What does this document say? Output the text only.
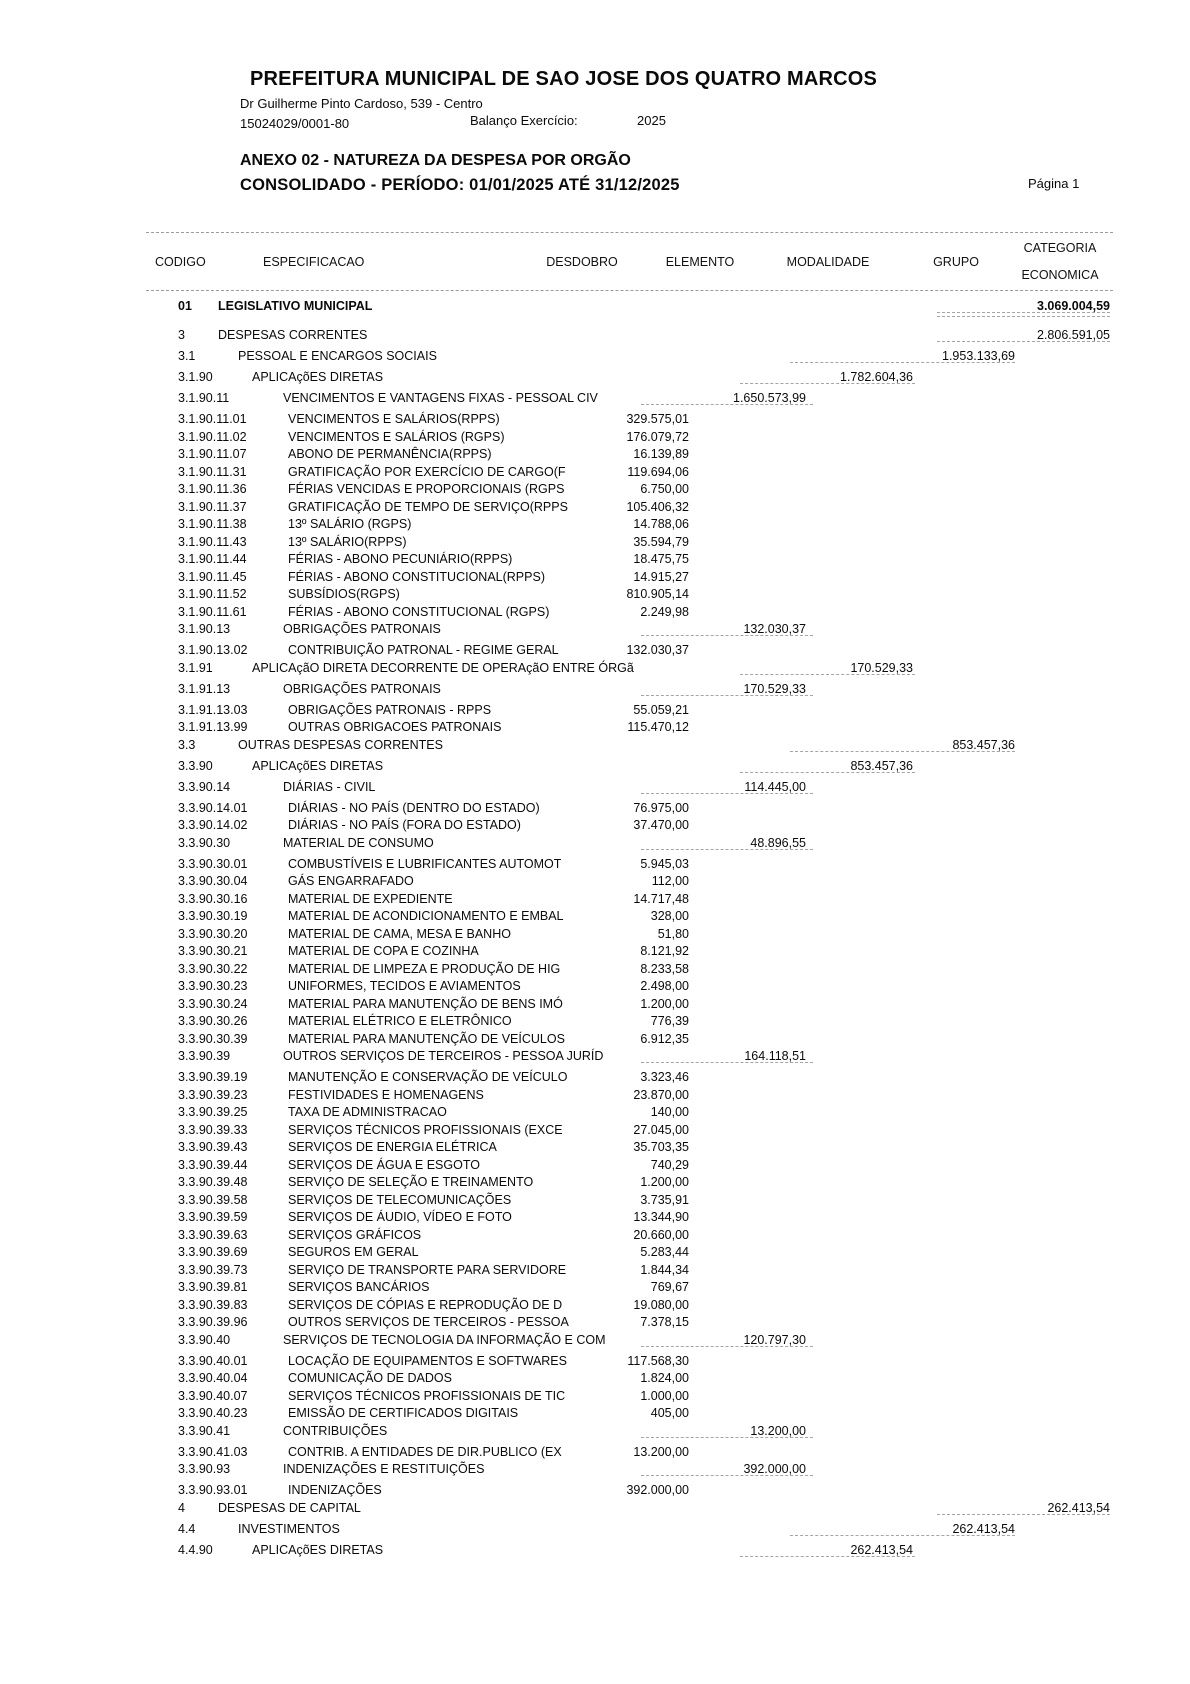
PREFEITURA MUNICIPAL DE SAO JOSE DOS QUATRO MARCOS
Dr Guilherme Pinto Cardoso, 539 - Centro
15024029/0001-80	Balanço Exercício:	2025
ANEXO 02 - NATUREZA DA DESPESA POR ORGÃO
CONSOLIDADO - PERÍODO: 01/01/2025 ATÉ 31/12/2025	Página 1
CODIGO	ESPECIFICACAO	DESDOBRO	ELEMENTO	MODALIDADE	GRUPO
CATEGORIA
ECONOMICA
01 LEGISLATIVO MUNICIPAL	3.069.004,59
3	DESPESAS CORRENTES	2.806.591,05
3.1	PESSOAL E ENCARGOS SOCIAIS	1.953.133,69
3.1.90	APLICAçõES DIRETAS	1.782.604,36
3.1.90.11	VENCIMENTOS E VANTAGENS FIXAS - PESSOAL CIV	1.650.573,99
3.1.90.11.01	VENCIMENTOS E SALÁRIOS(RPPS)	329.575,01
3.1.90.11.02	VENCIMENTOS E SALÁRIOS (RGPS)	176.079,72
3.1.90.11.07	ABONO DE PERMANÊNCIA(RPPS)	16.139,89
3.1.90.11.31	GRATIFICAÇÃO POR EXERCÍCIO DE CARGO(F	119.694,06
3.1.90.11.36	FÉRIAS VENCIDAS E PROPORCIONAIS (RGPS	6.750,00
3.1.90.11.37	GRATIFICAÇÃO DE TEMPO DE SERVIÇO(RPPS	105.406,32
3.1.90.11.38	13º SALÁRIO (RGPS)	14.788,06
3.1.90.11.43	13º SALÁRIO(RPPS)	35.594,79
3.1.90.11.44	FÉRIAS - ABONO PECUNIÁRIO(RPPS)	18.475,75
3.1.90.11.45	FÉRIAS - ABONO CONSTITUCIONAL(RPPS)	14.915,27
3.1.90.11.52	SUBSÍDIOS(RGPS)	810.905,14
3.1.90.11.61	FÉRIAS - ABONO CONSTITUCIONAL (RGPS)	2.249,98
3.1.90.13	OBRIGAÇÕES PATRONAIS	132.030,37
3.1.90.13.02	CONTRIBUIÇÃO PATRONAL - REGIME GERAL	132.030,37
3.1.91	APLICAçãO DIRETA DECORRENTE DE OPERAçãO ENTRE ÓRGã	170.529,33
3.1.91.13	OBRIGAÇÕES PATRONAIS	170.529,33
3.1.91.13.03	OBRIGAÇÕES PATRONAIS - RPPS	55.059,21
3.1.91.13.99	OUTRAS OBRIGACOES PATRONAIS	115.470,12
3.3	OUTRAS DESPESAS CORRENTES	853.457,36
3.3.90	APLICAçõES DIRETAS	853.457,36
3.3.90.14	DIÁRIAS - CIVIL	114.445,00
3.3.90.14.01	DIÁRIAS - NO PAÍS (DENTRO DO ESTADO)	76.975,00
3.3.90.14.02	DIÁRIAS - NO PAÍS (FORA DO ESTADO)	37.470,00
3.3.90.30	MATERIAL DE CONSUMO	48.896,55
3.3.90.30.01	COMBUSTÍVEIS E LUBRIFICANTES AUTOMOT	5.945,03
3.3.90.30.04	GÁS ENGARRAFADO	112,00
3.3.90.30.16	MATERIAL DE EXPEDIENTE	14.717,48
3.3.90.30.19	MATERIAL DE ACONDICIONAMENTO E EMBAL	328,00
3.3.90.30.20	MATERIAL DE CAMA, MESA E BANHO	51,80
3.3.90.30.21	MATERIAL DE COPA E COZINHA	8.121,92
3.3.90.30.22	MATERIAL DE LIMPEZA E PRODUÇÃO DE HIG	8.233,58
3.3.90.30.23	UNIFORMES, TECIDOS E AVIAMENTOS	2.498,00
3.3.90.30.24	MATERIAL PARA MANUTENÇÃO DE BENS IMÓ	1.200,00
3.3.90.30.26	MATERIAL ELÉTRICO E ELETRÔNICO	776,39
3.3.90.30.39	MATERIAL PARA MANUTENÇÃO DE VEÍCULOS	6.912,35
3.3.90.39	OUTROS SERVIÇOS DE TERCEIROS - PESSOA JURÍD	164.118,51
3.3.90.39.19	MANUTENÇÃO E CONSERVAÇÃO DE VEÍCULO	3.323,46
3.3.90.39.23	FESTIVIDADES E HOMENAGENS	23.870,00
3.3.90.39.25	TAXA DE ADMINISTRACAO	140,00
3.3.90.39.33	SERVIÇOS TÉCNICOS PROFISSIONAIS (EXCE	27.045,00
3.3.90.39.43	SERVIÇOS DE ENERGIA ELÉTRICA	35.703,35
3.3.90.39.44	SERVIÇOS DE ÁGUA E ESGOTO	740,29
3.3.90.39.48	SERVIÇO DE SELEÇÃO E TREINAMENTO	1.200,00
3.3.90.39.58	SERVIÇOS DE TELECOMUNICAÇÕES	3.735,91
3.3.90.39.59	SERVIÇOS DE ÁUDIO, VÍDEO E FOTO	13.344,90
3.3.90.39.63	SERVIÇOS GRÁFICOS	20.660,00
3.3.90.39.69	SEGUROS EM GERAL	5.283,44
3.3.90.39.73	SERVIÇO DE TRANSPORTE PARA SERVIDORE	1.844,34
3.3.90.39.81	SERVIÇOS BANCÁRIOS	769,67
3.3.90.39.83	SERVIÇOS DE CÓPIAS E REPRODUÇÃO DE D	19.080,00
3.3.90.39.96	OUTROS SERVIÇOS DE TERCEIROS - PESSOA	7.378,15
3.3.90.40	SERVIÇOS DE TECNOLOGIA DA INFORMAÇÃO E COM	120.797,30
3.3.90.40.01	LOCAÇÃO DE EQUIPAMENTOS E SOFTWARES	117.568,30
3.3.90.40.04	COMUNICAÇÃO DE DADOS	1.824,00
3.3.90.40.07	SERVIÇOS TÉCNICOS PROFISSIONAIS DE TIC	1.000,00
3.3.90.40.23	EMISSÃO DE CERTIFICADOS DIGITAIS	405,00
3.3.90.41	CONTRIBUIÇÕES	13.200,00
3.3.90.41.03	CONTRIB. A ENTIDADES DE DIR.PUBLICO (EX	13.200,00
3.3.90.93	INDENIZAÇÕES E RESTITUIÇÕES	392.000,00
3.3.90.93.01	INDENIZAÇÕES	392.000,00
4	DESPESAS DE CAPITAL	262.413,54
4.4	INVESTIMENTOS	262.413,54
4.4.90	APLICAçõES DIRETAS	262.413,54
